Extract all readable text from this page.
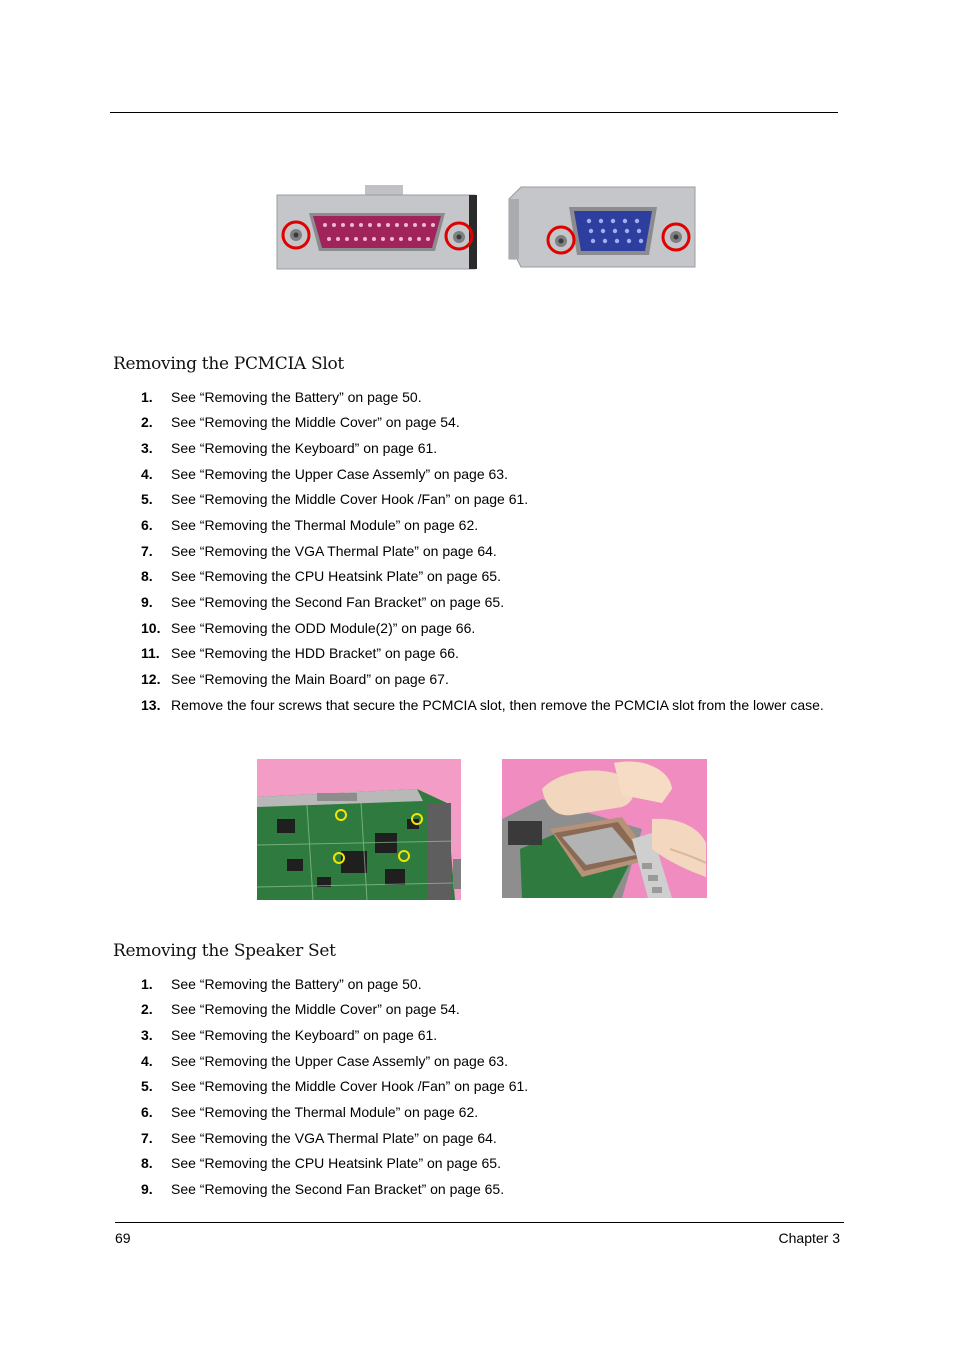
Removing the PCMCIA Slot
1. See “Removing the Battery” on page 50.
2. See “Removing the Middle Cover” on page 54.
3. See “Removing the Keyboard” on page 61.
4. See “Removing the Upper Case Assemly” on page 63.
5. See “Removing the Middle Cover Hook /Fan” on page 61.
6. See “Removing the Thermal Module” on page 62.
7. See “Removing the VGA Thermal Plate” on page 64.
8. See “Removing the CPU Heatsink Plate” on page 65.
9. See “Removing the Second Fan Bracket” on page 65.
10. See “Removing the ODD Module(2)” on page 66.
11. See “Removing the HDD Bracket” on page 66.
12. See “Removing the Main Board” on page 67.
13. Remove the four screws that secure the PCMCIA slot, then remove the PCMCIA slot from the lower case.
Removing the Speaker Set
1. See “Removing the Battery” on page 50.
2. See “Removing the Middle Cover” on page 54.
3. See “Removing the Keyboard” on page 61.
4. See “Removing the Upper Case Assemly” on page 63.
5. See “Removing the Middle Cover Hook /Fan” on page 61.
6. See “Removing the Thermal Module” on page 62.
7. See “Removing the VGA Thermal Plate” on page 64.
8. See “Removing the CPU Heatsink Plate” on page 65.
9. See “Removing the Second Fan Bracket” on page 65.
69	Chapter 3
